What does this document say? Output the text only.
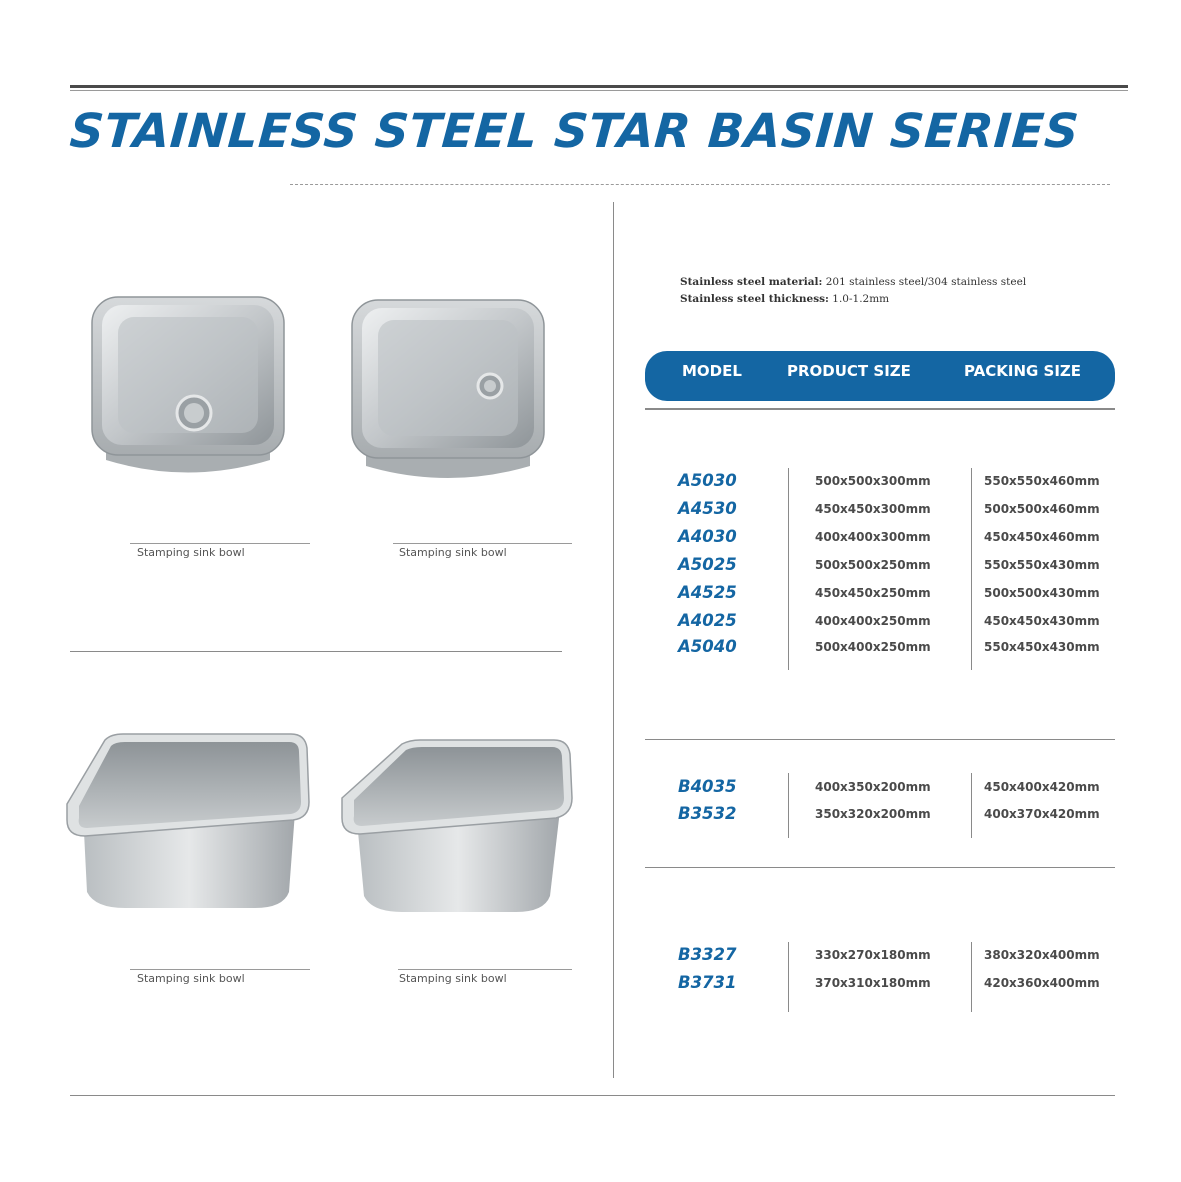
STAINLESS STEEL STAR BASIN SERIES
Stamping sink bowl	Stamping sink bowl
Stamping sink bowl	Stamping sink bowl
Stainless steel material: 201 stainless steel/304 stainless steel
Stainless steel thickness: 1.0-1.2mm
MODEL	PRODUCT SIZE	PACKING SIZE
A5030	500x500x300mm	550x550x460mm
A4530	450x450x300mm	500x500x460mm
A4030	400x400x300mm	450x450x460mm
A5025	500x500x250mm	550x550x430mm
A4525	450x450x250mm	500x500x430mm
A4025	400x400x250mm	450x450x430mm
A5040	500x400x250mm	550x450x430mm
B4035	400x350x200mm	450x400x420mm
B3532	350x320x200mm	400x370x420mm
B3327	330x270x180mm	380x320x400mm
B3731	370x310x180mm	420x360x400mm
